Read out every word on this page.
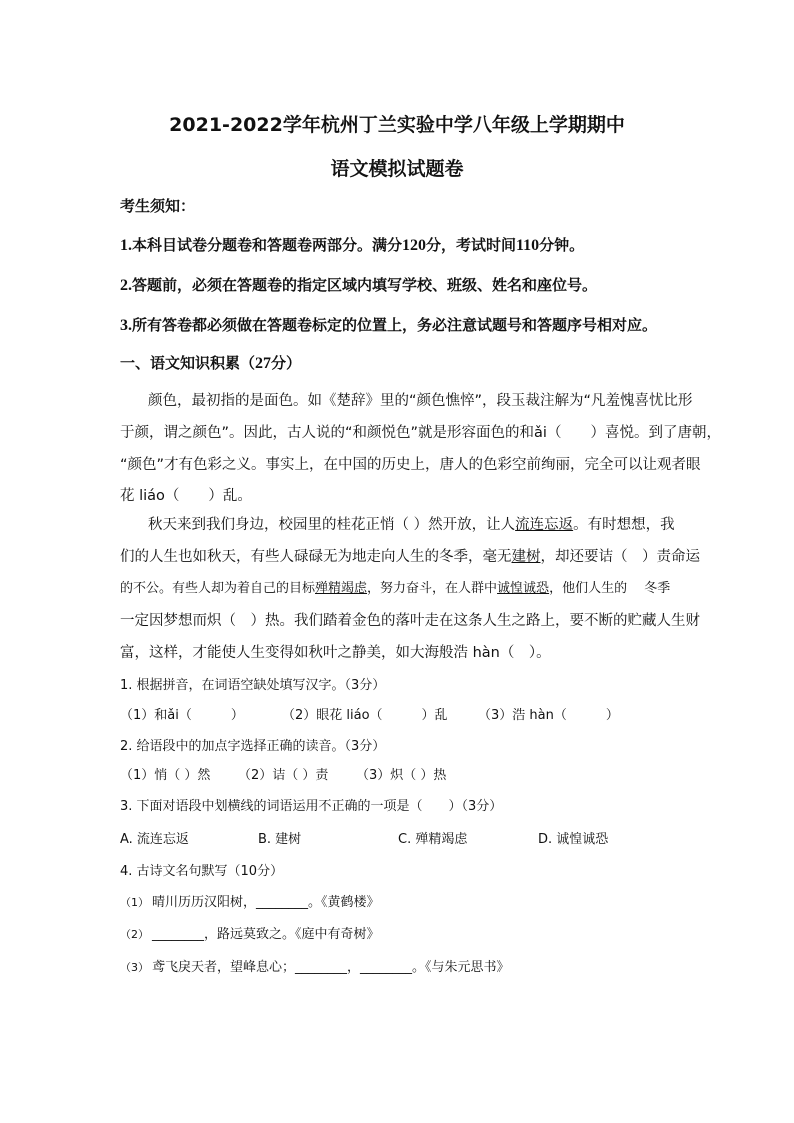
2021-2022学年杭州丁兰实验中学八年级上学期期中
语文模拟试题卷
考生须知：
1.本科目试卷分题卷和答题卷两部分。满分120分，考试时间110分钟。
2.答题前，必须在答题卷的指定区域内填写学校、班级、姓名和座位号。
3.所有答卷都必须做在答题卷标定的位置上，务必注意试题号和答题序号相对应。
一、语文知识积累（27分）
颜色，最初指的是面色。如《楚辞》里的“颜色憔悴”，段玉裁注解为“凡羞愧喜忧比形
于颜，谓之颜色”。因此，古人说的“和颜悦色”就是形容面色的和ǎi（　　）喜悦。到了唐朝，
“颜色”才有色彩之义。事实上，在中国的历史上，唐人的色彩空前绚丽，完全可以让观者眼
花 liáo（　　）乱。
秋天来到我们身边，校园里的桂花正悄（ ）然开放，让人流连忘返。有时想想，我
们的人生也如秋天，有些人碌碌无为地走向人生的冬季，毫无建树，却还要诘（　）责命运
的不公。有些人却为着自己的目标殚精竭虑，努力奋斗，在人群中诚惶诚恐，他们人生的　 冬季
一定因梦想而炽（　）热。我们踏着金色的落叶走在这条人生之路上，要不断的贮藏人生财
富，这样，才能使人生变得如秋叶之静美，如大海般浩 hàn（　）。
1. 根据拼音，在词语空缺处填写汉字。（3分）
（1）和ǎi（　　　）	（2）眼花 liáo（　　　）乱 （3）浩 hàn（　　　）
2. 给语段中的加点字选择正确的读音。（3分）
（1）悄（ ）然 （2）诘（ ）责 （3）炽（ ）热
3. 下面对语段中划横线的词语运用不正确的一项是（　　）（3分）
A. 流连忘返	B. 建树	C. 殚精竭虑	D. 诚惶诚恐
4. 古诗文名句默写（10分）
（1） 晴川历历汉阳树，________。《黄鹤楼》
（2） ________，路远莫致之。《庭中有奇树》
（3） 鸢飞戾天者，望峰息心；________，________。《与朱元思书》
